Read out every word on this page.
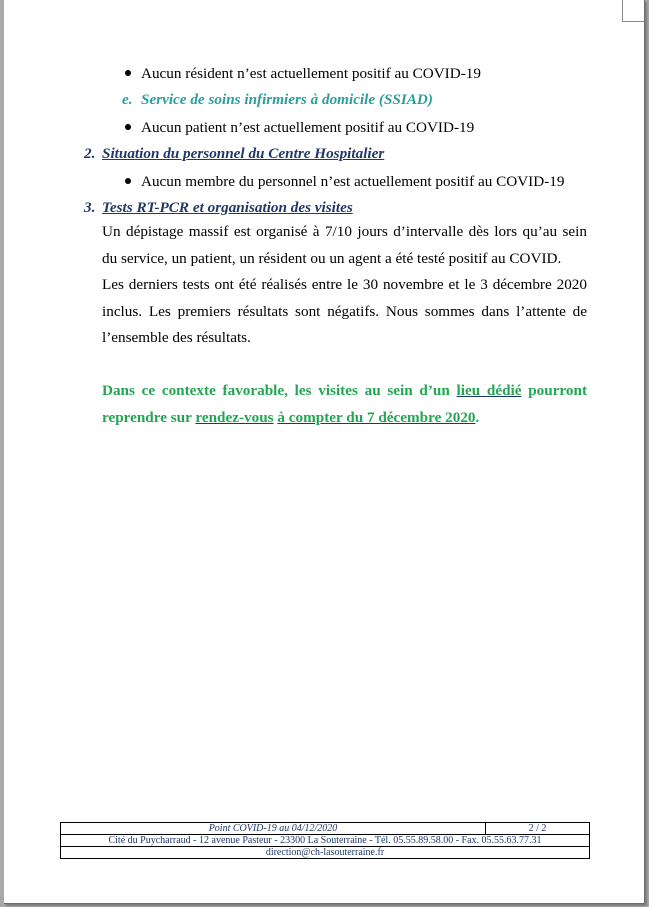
Aucun résident n’est actuellement positif au COVID-19
e. Service de soins infirmiers à domicile (SSIAD)
Aucun patient n’est actuellement positif au COVID-19
2. Situation du personnel du Centre Hospitalier
Aucun membre du personnel n’est actuellement positif au COVID-19
3. Tests RT-PCR et organisation des visites
Un dépistage massif est organisé à 7/10 jours d’intervalle dès lors qu’au sein
du service, un patient, un résident ou un agent a été testé positif au COVID.
Les derniers tests ont été réalisés entre le 30 novembre et le 3 décembre 2020
inclus. Les premiers résultats sont négatifs. Nous sommes dans l’attente de
l’ensemble des résultats.
Dans ce contexte favorable, les visites au sein d’un lieu dédié pourront
reprendre sur rendez-vous à compter du 7 décembre 2020.
Point COVID-19 au 04/12/2020	2 / 2
Cité du Puycharraud - 12 avenue Pasteur - 23300 La Souterraine - Tél. 05.55.89.58.00 - Fax. 05.55.63.77.31
direction@ch-lasouterraine.fr
